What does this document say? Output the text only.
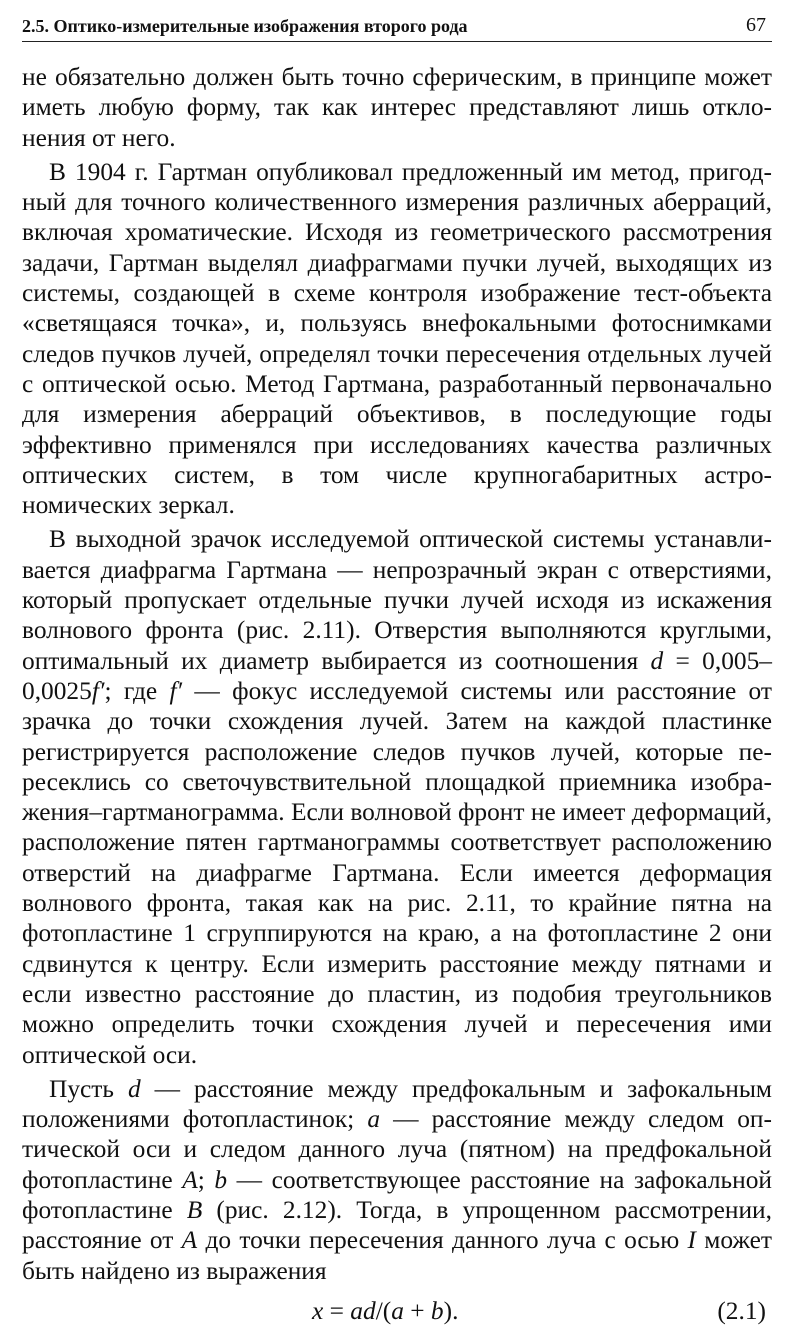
2.5. Оптико-измерительные изображения второго рода	67

не обязательно должен быть точно сферическим, в принципе может иметь любую форму, так как интерес представляют лишь отклонения от него.

В 1904 г. Гартман опубликовал предложенный им метод, пригодный для точного количественного измерения различных аберраций, включая хроматические. Исходя из геометрического рассмотрения задачи, Гартман выделял диафрагмами пучки лучей, выходящих из системы, создающей в схеме контроля изображение тест-объекта «светящаяся точка», и, пользуясь внефокальными фотоснимками следов пучков лучей, определял точки пересечения отдельных лучей с оптической осью. Метод Гартмана, разработанный первоначально для измерения аберраций объективов, в последующие годы эффективно применялся при исследованиях качества различных оптических систем, в том числе крупногабаритных астрономических зеркал.

В выходной зрачок исследуемой оптической системы устанавливается диафрагма Гартмана — непрозрачный экран с отверстиями, который пропускает отдельные пучки лучей исходя из искажения волнового фронта (рис. 2.11). Отверстия выполняются круглыми, оптимальный их диаметр выбирается из соотношения d = 0,005–0,0025f′; где f′ — фокус исследуемой системы или расстояние от зрачка до точки схождения лучей. Затем на каждой пластинке регистрируется расположение следов пучков лучей, которые пересеклись со светочувствительной площадкой приемника изображения–гартманограмма. Если волновой фронт не имеет деформаций, расположение пятен гартманограммы соответствует расположению отверстий на диафрагме Гартмана. Если имеется деформация волнового фронта, такая как на рис. 2.11, то крайние пятна на фотопластине 1 сгруппируются на краю, а на фотопластине 2 они сдвинутся к центру. Если измерить расстояние между пятнами и если известно расстояние до пластин, из подобия треугольников можно определить точки схождения лучей и пересечения ими оптической оси.

Пусть d — расстояние между предфокальным и зафокальным положениями фотопластинок; a — расстояние между следом оптической оси и следом данного луча (пятном) на предфокальной фотопластине A; b — соответствующее расстояние на зафокальной фотопластине B (рис. 2.12). Тогда, в упрощенном рассмотрении, расстояние от A до точки пересечения данного луча с осью I может быть найдено из выражения

x = ad/(a + b).	(2.1)
